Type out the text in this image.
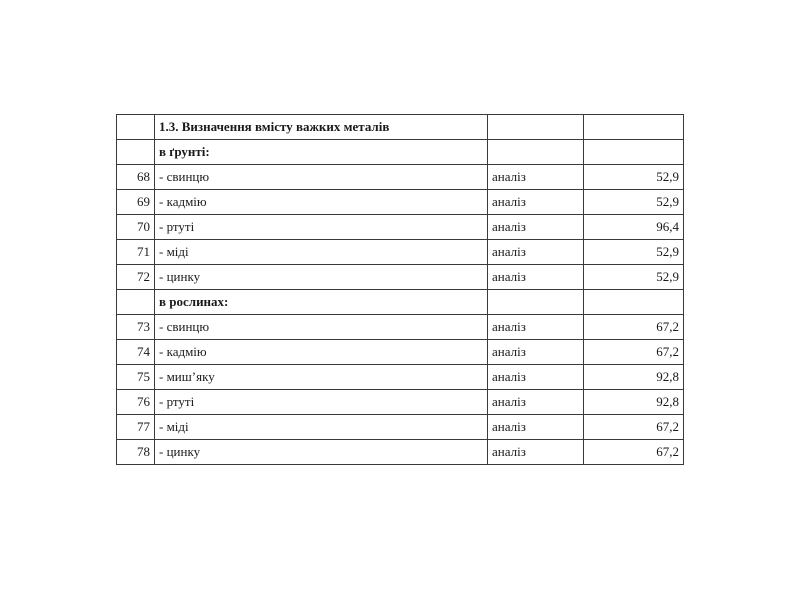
	1.3. Визначення вмісту важких металів		
	в ґрунті:		
68	- свинцю	аналіз	52,9
69	- кадмію	аналіз	52,9
70	- ртуті	аналіз	96,4
71	- міді	аналіз	52,9
72	- цинку	аналіз	52,9
	в рослинах:		
73	- свинцю	аналіз	67,2
74	- кадмію	аналіз	67,2
75	- миш’яку	аналіз	92,8
76	- ртуті	аналіз	92,8
77	- міді	аналіз	67,2
78	- цинку	аналіз	67,2
